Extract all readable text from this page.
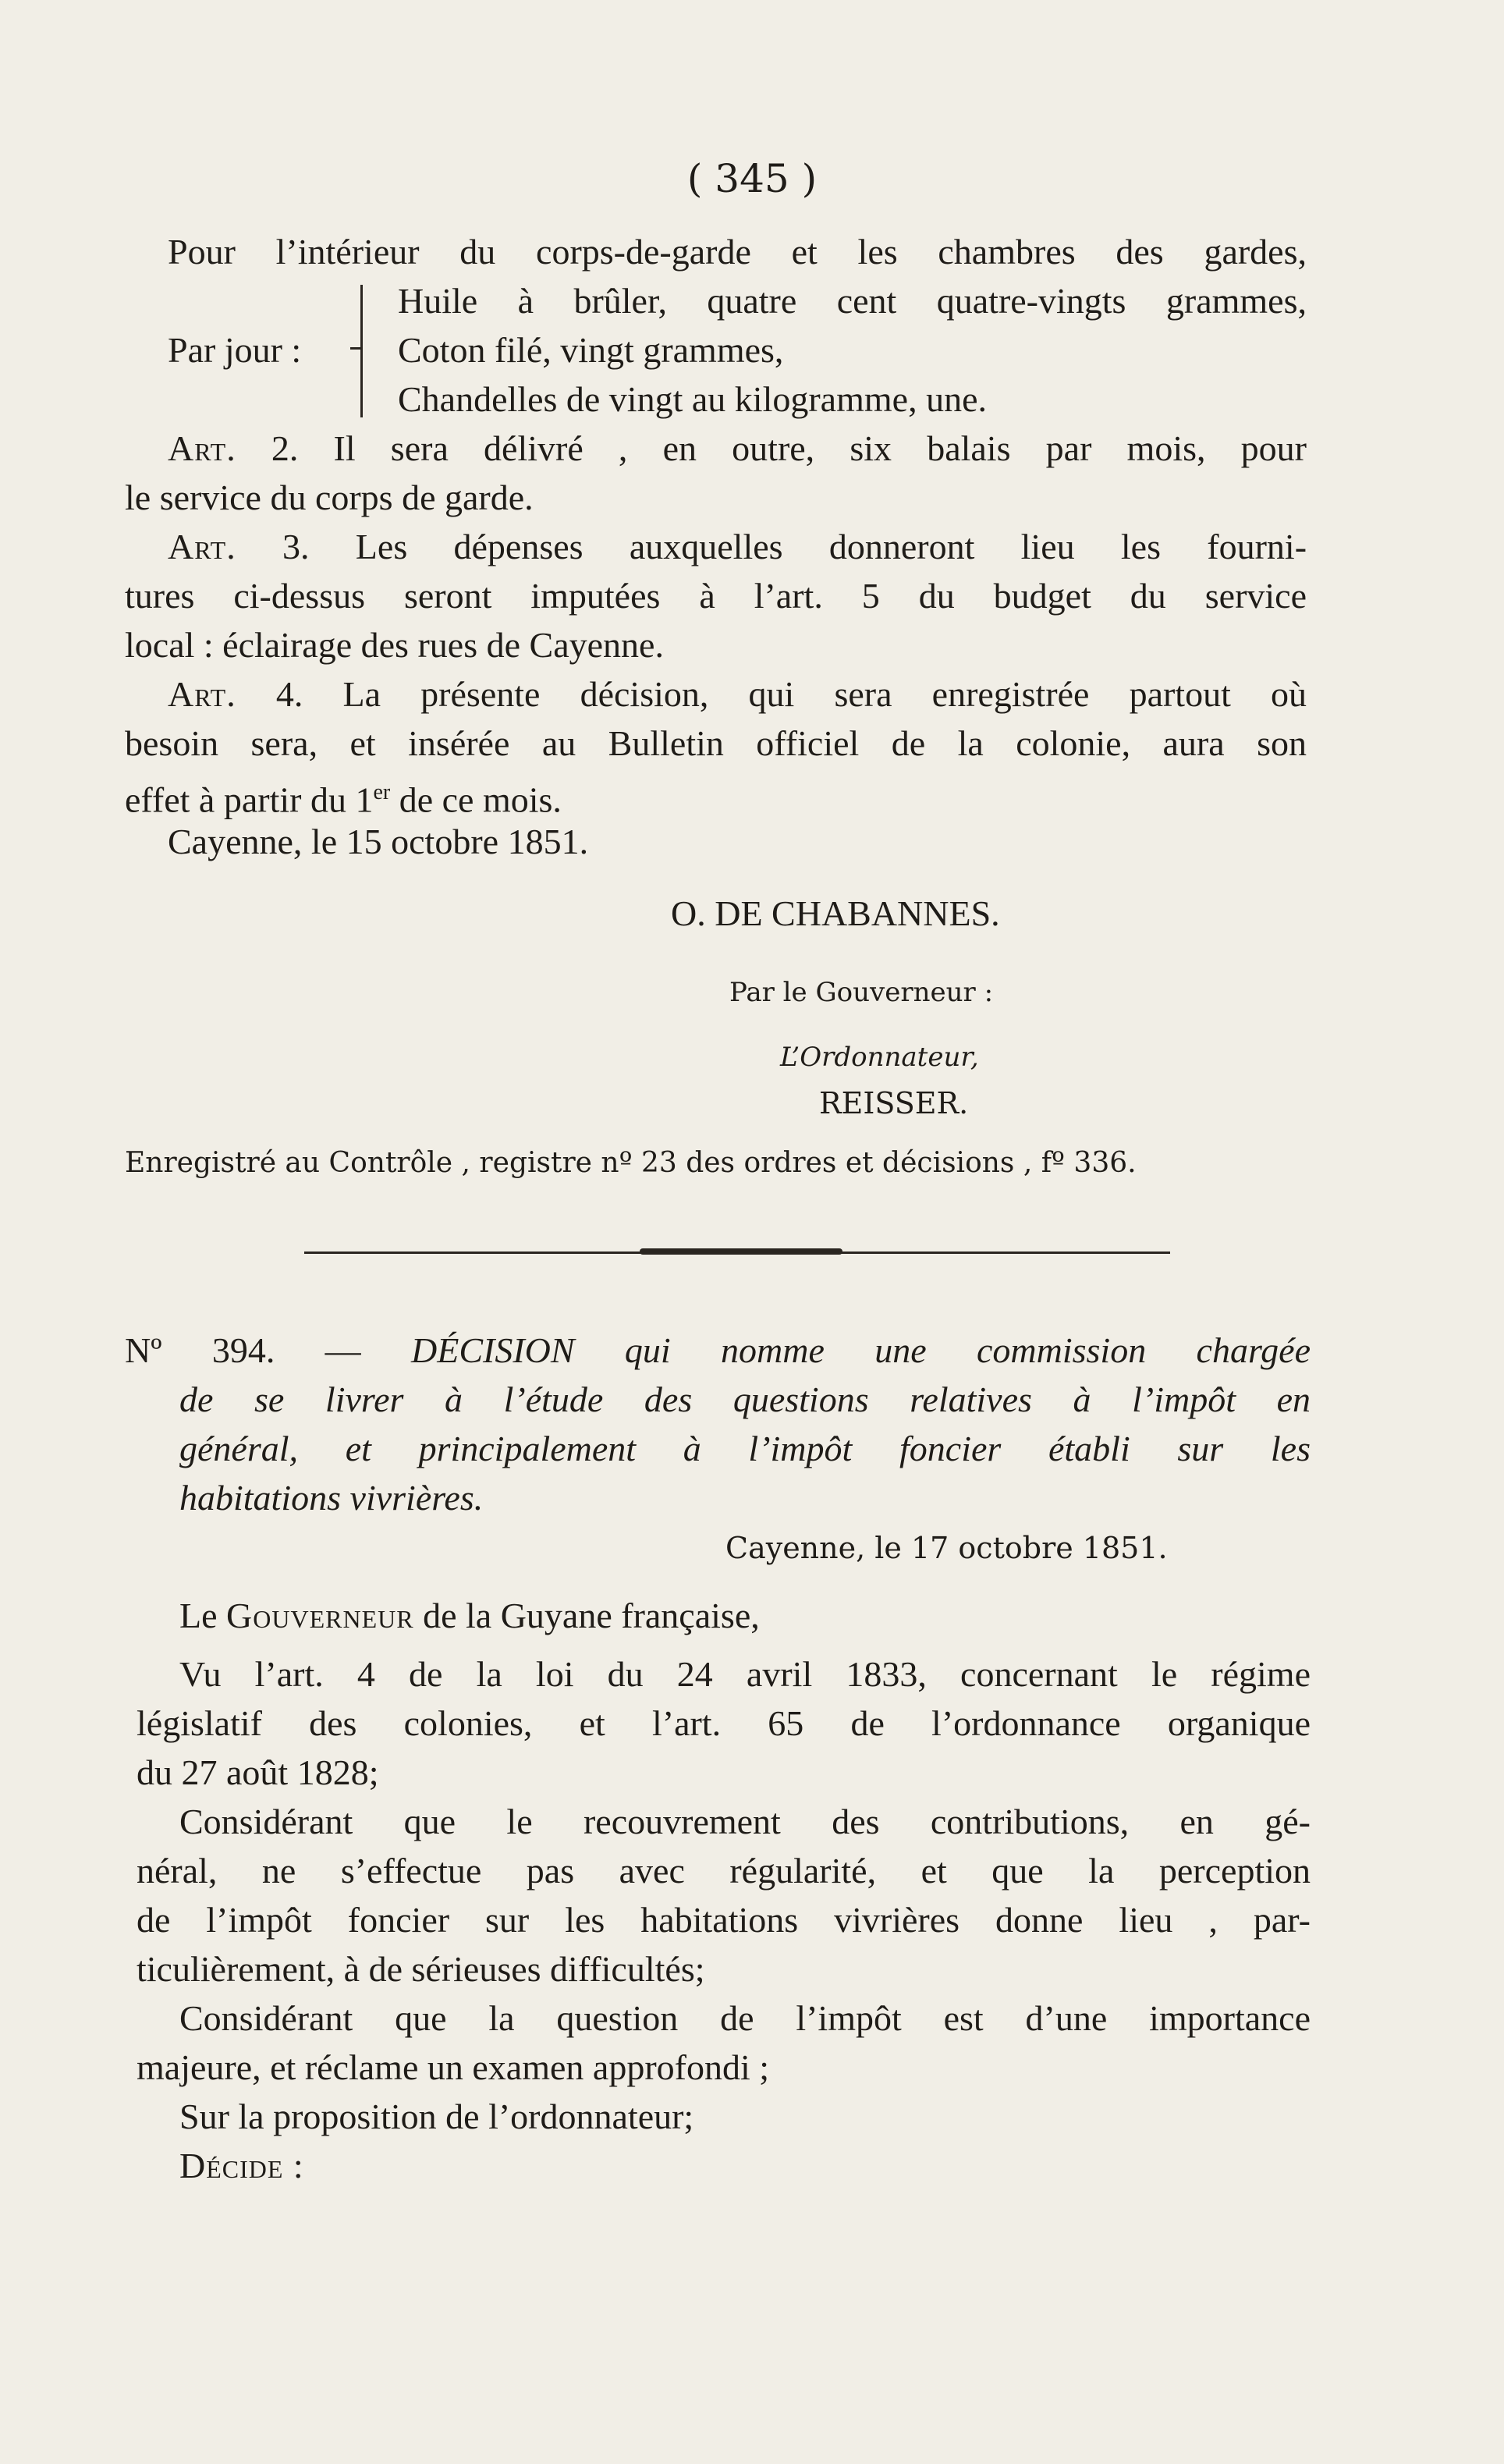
( 345 )
Pour l’intérieur du corps-de-garde et les chambres des gardes,
Par jour :
Huile à brûler, quatre cent quatre-vingts grammes,
Coton filé, vingt grammes,
Chandelles de vingt au kilogramme, une.
Art. 2. Il sera délivré , en outre, six balais par mois, pour
le service du corps de garde.
Art. 3. Les dépenses auxquelles donneront lieu les fourni-
tures ci-dessus seront imputées à l’art. 5 du budget du service
local : éclairage des rues de Cayenne.
Art. 4. La présente décision, qui sera enregistrée partout où
besoin sera, et insérée au Bulletin officiel de la colonie, aura son
effet à partir du 1er de ce mois.
Cayenne, le 15 octobre 1851.
O. DE CHABANNES.
Par le Gouverneur :
L’Ordonnateur,
REISSER.
Enregistré au Contrôle , registre nº 23 des ordres et décisions , fº 336.
Nº 394. — DÉCISION qui nomme une commission chargée
de se livrer à l’étude des questions relatives à l’impôt en
général, et principalement à l’impôt foncier établi sur les
habitations vivrières.
Cayenne, le 17 octobre 1851.
Le Gouverneur de la Guyane française,
Vu l’art. 4 de la loi du 24 avril 1833, concernant le régime
législatif des colonies, et l’art. 65 de l’ordonnance organique
du 27 août 1828;
Considérant que le recouvrement des contributions, en gé-
néral, ne s’effectue pas avec régularité, et que la perception
de l’impôt foncier sur les habitations vivrières donne lieu , par-
ticulièrement, à de sérieuses difficultés;
Considérant que la question de l’impôt est d’une importance
majeure, et réclame un examen approfondi ;
Sur la proposition de l’ordonnateur;
Décide :
